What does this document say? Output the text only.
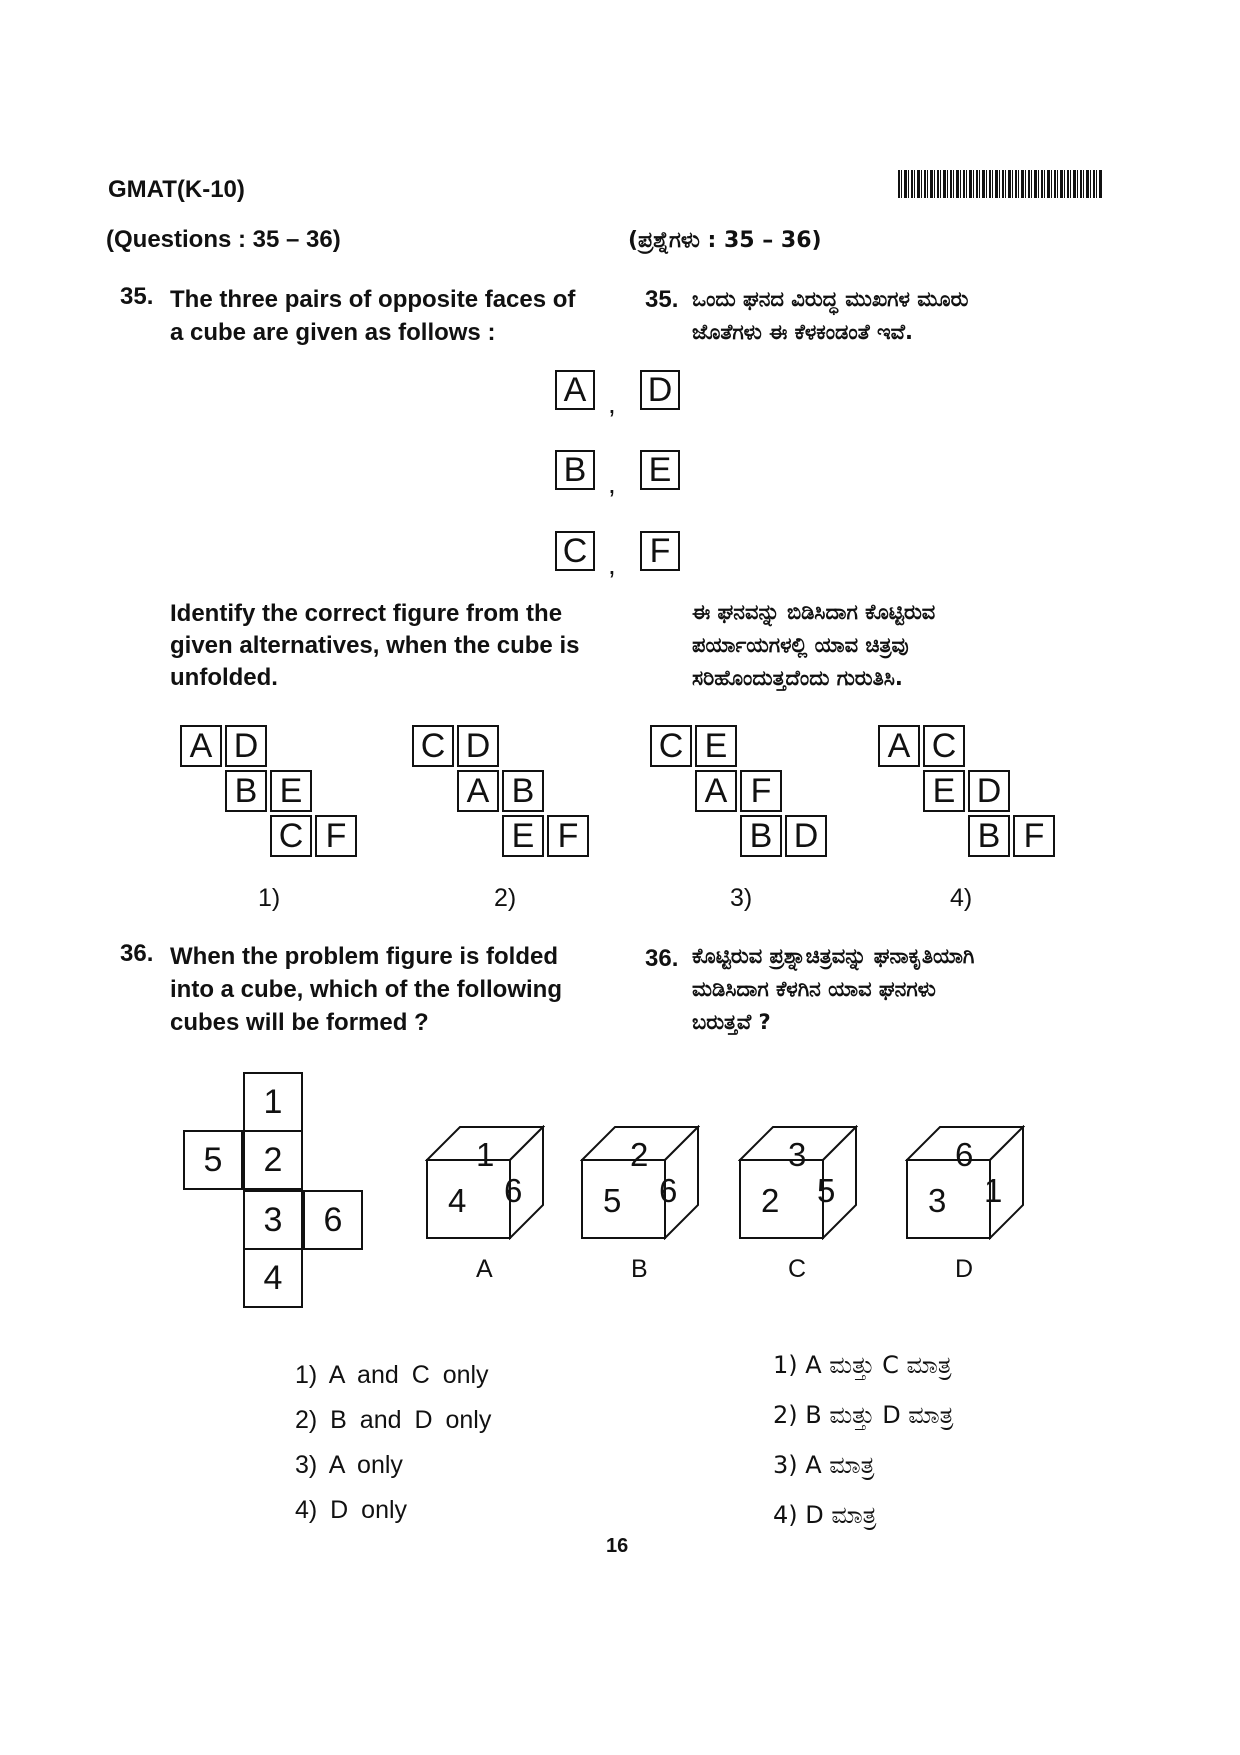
GMAT(K-10)
(Questions : 35 – 36)	(ಪ್ರಶ್ನೆಗಳು : 35 – 36)
35. The three pairs of opposite faces of
a cube are given as follows :
35. ಒಂದು ಘನದ ವಿರುದ್ಧ ಮುಖಗಳ ಮೂರು
ಜೊತೆಗಳು ಈ ಕೆಳಕಂಡಂತೆ ಇವೆ.
A , D
B , E
C , F
Identify the correct figure from the
given alternatives, when the cube is
unfolded.
ಈ ಘನವನ್ನು ಬಿಡಿಸಿದಾಗ ಕೊಟ್ಟಿರುವ
ಪರ್ಯಾಯಗಳಲ್ಲಿ ಯಾವ ಚಿತ್ರವು
ಸರಿಹೊಂದುತ್ತದೆಂದು ಗುರುತಿಸಿ.
A D
B E
C F
1)
C D
A B
E F
2)
C E
A F
B D
3)
A C
E D
B F
4)
36. When the problem figure is folded
into a cube, which of the following
cubes will be formed ?
36. ಕೊಟ್ಟಿರುವ ಪ್ರಶ್ನಾಚಿತ್ರವನ್ನು ಘನಾಕೃತಿಯಾಗಿ
ಮಡಿಸಿದಾಗ ಕೆಳಗಿನ ಯಾವ ಘನಗಳು
ಬರುತ್ತವೆ ?
1
5	2
3	6
4
1
4 6
A
2
5 6
B
3
2 5
C
6
3 1
D
1) A and C only
2) B and D only
3) A only
4) D only
1) A ಮತ್ತು C ಮಾತ್ರ
2) B ಮತ್ತು D ಮಾತ್ರ
3) A ಮಾತ್ರ
4) D ಮಾತ್ರ
16
